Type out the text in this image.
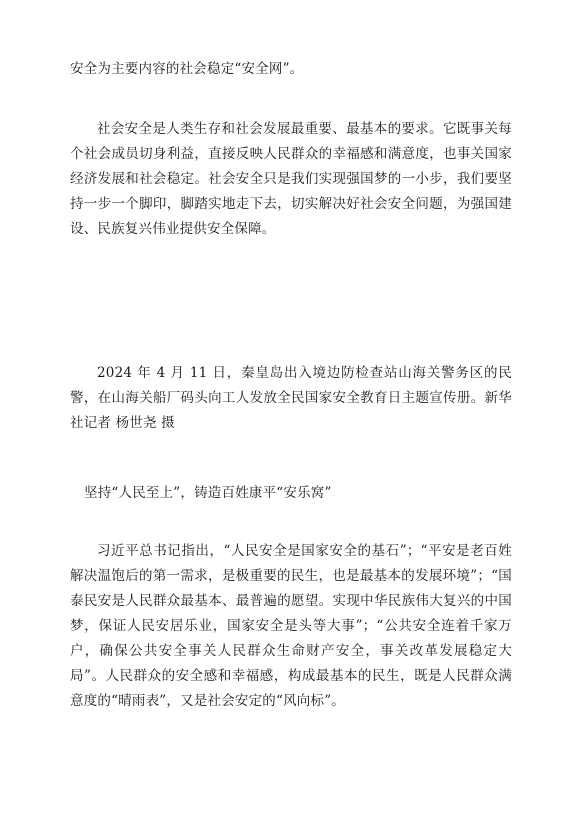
安全为主要内容的社会稳定“安全网”。

社会安全是人类生存和社会发展最重要、最基本的要求。它既事关每个社会成员切身利益，直接反映人民群众的幸福感和满意度，也事关国家经济发展和社会稳定。社会安全只是我们实现强国梦的一小步，我们要坚持一步一个脚印，脚踏实地走下去，切实解决好社会安全问题，为强国建设、民族复兴伟业提供安全保障。

2024 年 4 月 11 日，秦皇岛出入境边防检查站山海关警务区的民警，在山海关船厂码头向工人发放全民国家安全教育日主题宣传册。新华社记者 杨世尧 摄

坚持“人民至上”，铸造百姓康平“安乐窝”

习近平总书记指出，“人民安全是国家安全的基石”；“平安是老百姓解决温饱后的第一需求，是极重要的民生，也是最基本的发展环境”；“国泰民安是人民群众最基本、最普遍的愿望。实现中华民族伟大复兴的中国梦，保证人民安居乐业，国家安全是头等大事”；“公共安全连着千家万户，确保公共安全事关人民群众生命财产安全，事关改革发展稳定大局”。人民群众的安全感和幸福感，构成最基本的民生，既是人民群众满意度的“晴雨表”，又是社会安定的“风向标”。
